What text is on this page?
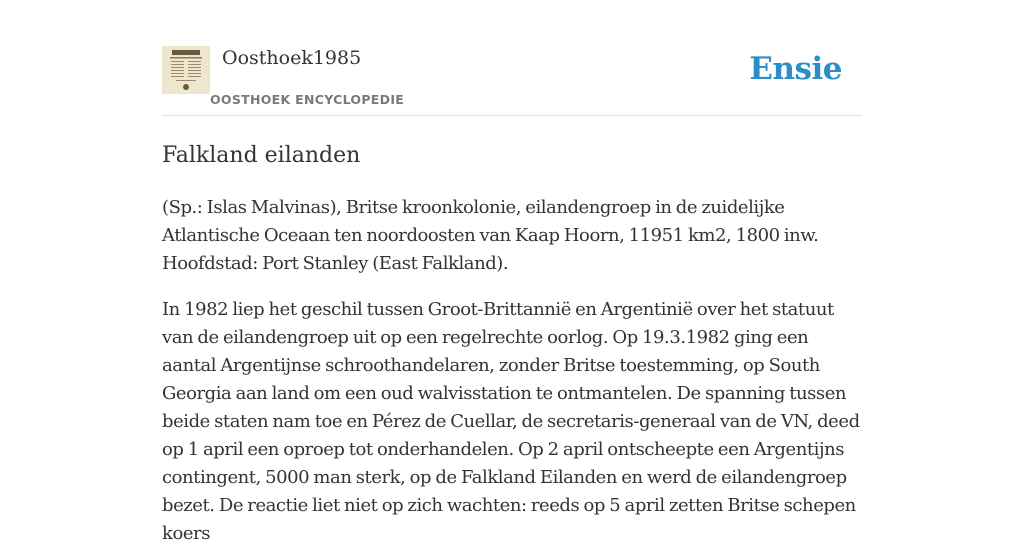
Oosthoek1985
OOSTHOEK ENCYCLOPEDIE
Ensie
Falkland eilanden

(Sp.: Islas Malvinas), Britse kroonkolonie, eilandengroep in de zuidelijke Atlantische Oceaan ten noordoosten van Kaap Hoorn, 11951 km2, 1800 inw. Hoofdstad: Port Stanley (East Falkland).

In 1982 liep het geschil tussen Groot-Brittannië en Argentinië over het statuut van de eilandengroep uit op een regelrechte oorlog. Op 19.3.1982 ging een aantal Argentijnse schroothandelaren, zonder Britse toestemming, op South Georgia aan land om een oud walvisstation te ontmantelen. De spanning tussen beide staten nam toe en Pérez de Cuellar, de secretaris-generaal van de VN, deed op 1 april een oproep tot onderhandelen. Op 2 april ontscheepte een Argentijns contingent, 5000 man sterk, op de Falkland Eilanden en werd de eilandengroep bezet. De reactie liet niet op zich wachten: reeds op 5 april zetten Britse schepen koers
